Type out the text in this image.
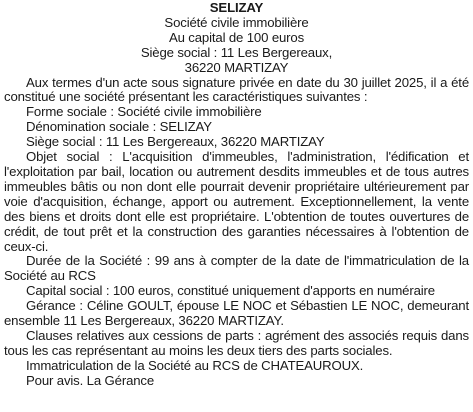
SELIZAY
Société civile immobilière
Au capital de 100 euros
Siège social : 11 Les Bergereaux,
36220 MARTIZAY

Aux termes d'un acte sous signature privée en date du 30 juillet 2025, il a été constitué une société présentant les caractéristiques suivantes :

Forme sociale : Société civile immobilière

Dénomination sociale : SELIZAY

Siège social : 11 Les Bergereaux, 36220 MARTIZAY

Objet social : L'acquisition d'immeubles, l'administration, l'édification et l'exploitation par bail, location ou autrement desdits immeubles et de tous autres immeubles bâtis ou non dont elle pourrait devenir propriétaire ultérieurement par voie d'acquisition, échange, apport ou autrement. Exceptionnellement, la vente des biens et droits dont elle est propriétaire. L'obtention de toutes ouvertures de crédit, de tout prêt et la construction des garanties nécessaires à l'obtention de ceux-ci.

Durée de la Société : 99 ans à compter de la date de l'immatriculation de la Société au RCS

Capital social : 100 euros, constitué uniquement d'apports en numéraire

Gérance : Céline GOULT, épouse LE NOC et Sébastien LE NOC, demeurant ensemble 11 Les Bergereaux, 36220 MARTIZAY.

Clauses relatives aux cessions de parts : agrément des associés requis dans tous les cas représentant au moins les deux tiers des parts sociales.

Immatriculation de la Société au RCS de CHATEAUROUX.

Pour avis. La Gérance
